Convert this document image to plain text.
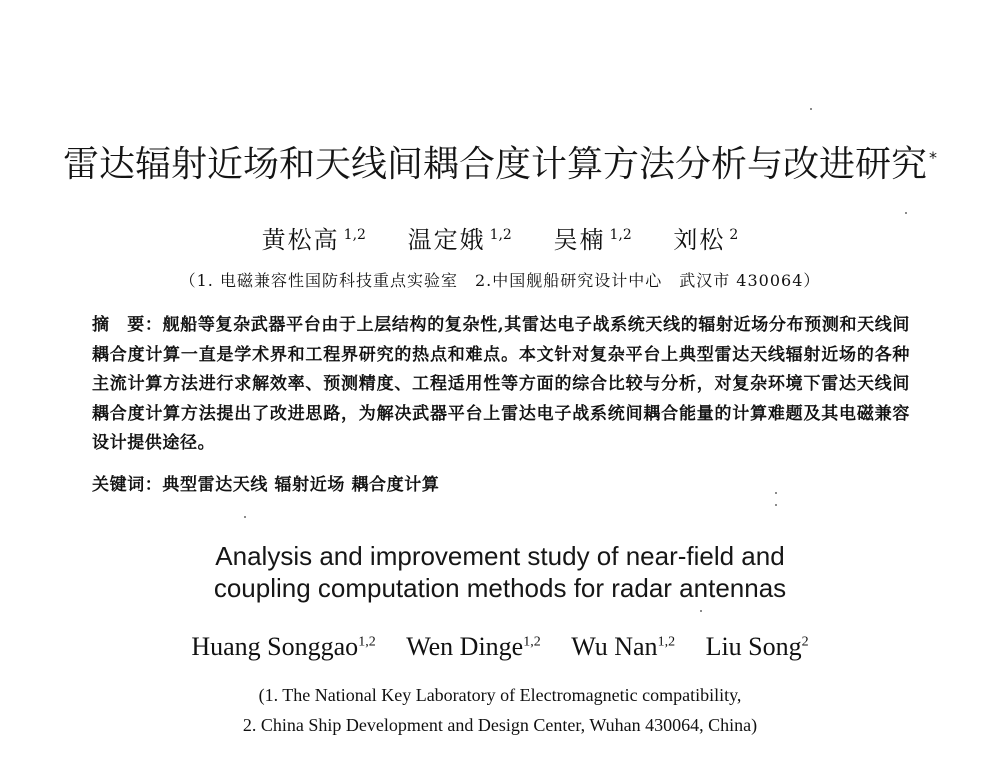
雷达辐射近场和天线间耦合度计算方法分析与改进研究 *
黄松高 $^{1,2}$ 温定娥 $^{1,2}$ 吴楠 $^{1,2}$ 刘松 $^2$
（1. 电磁兼容性国防科技重点实验室　2.中国舰船研究设计中心　武汉市 430064）
摘　要：舰船等复杂武器平台由于上层结构的复杂性,其雷达电子战系统天线的辐射近场分布预测和天线间耦合度计算一直是学术界和工程界研究的热点和难点。本文针对复杂平台上典型雷达天线辐射近场的各种主流计算方法进行求解效率、预测精度、工程适用性等方面的综合比较与分析，对复杂环境下雷达天线间耦合度计算方法提出了改进思路，为解决武器平台上雷达电子战系统间耦合能量的计算难题及其电磁兼容设计提供途径。
关键词：典型雷达天线 辐射近场 耦合度计算
Analysis and improvement study of near-field and
coupling computation methods for radar antennas
Huang Songgao$^{1,2}$ Wen Dinge$^{1,2}$ Wu Nan$^{1,2}$ Liu Song$^2$
(1. The National Key Laboratory of Electromagnetic compatibility,
2. China Ship Development and Design Center, Wuhan 430064, China)
